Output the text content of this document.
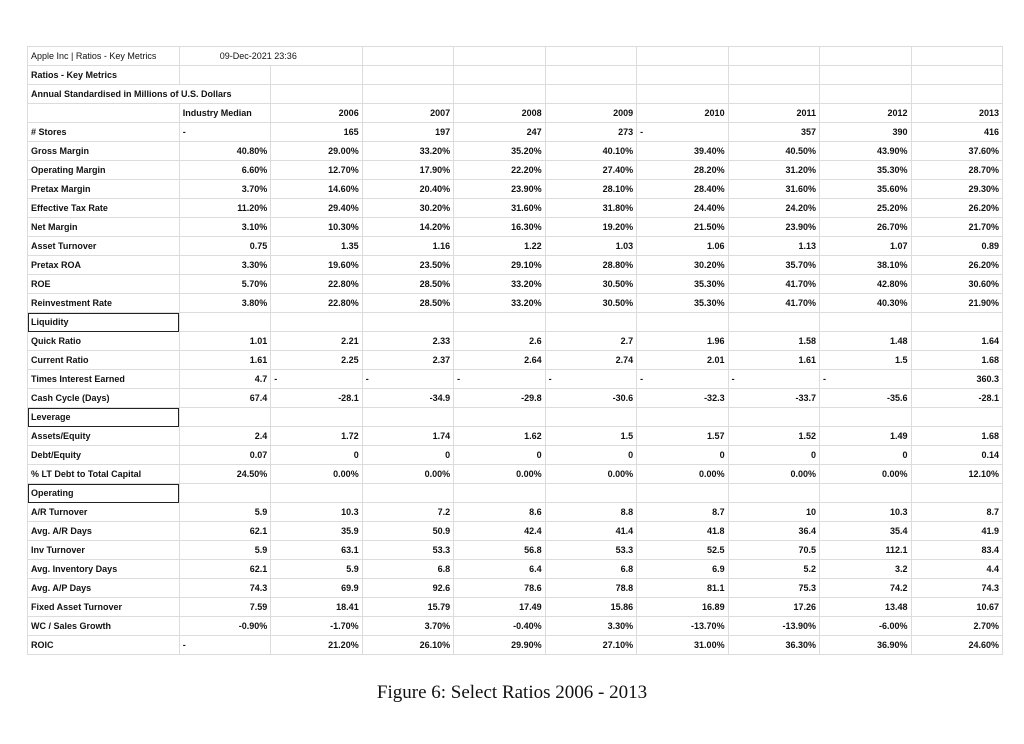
Apple Inc | Ratios - Key Metrics	09-Dec-2021 23:36								
Ratios - Key Metrics									
Annual Standardised in Millions of U.S. Dollars									
	Industry Median	2006	2007	2008	2009	2010	2011	2012	2013
# Stores	-	165	197	247	273	-	357	390	416
Gross Margin	40.80%	29.00%	33.20%	35.20%	40.10%	39.40%	40.50%	43.90%	37.60%
Operating Margin	6.60%	12.70%	17.90%	22.20%	27.40%	28.20%	31.20%	35.30%	28.70%
Pretax Margin	3.70%	14.60%	20.40%	23.90%	28.10%	28.40%	31.60%	35.60%	29.30%
Effective Tax Rate	11.20%	29.40%	30.20%	31.60%	31.80%	24.40%	24.20%	25.20%	26.20%
Net Margin	3.10%	10.30%	14.20%	16.30%	19.20%	21.50%	23.90%	26.70%	21.70%
Asset Turnover	0.75	1.35	1.16	1.22	1.03	1.06	1.13	1.07	0.89
Pretax ROA	3.30%	19.60%	23.50%	29.10%	28.80%	30.20%	35.70%	38.10%	26.20%
ROE	5.70%	22.80%	28.50%	33.20%	30.50%	35.30%	41.70%	42.80%	30.60%
Reinvestment Rate	3.80%	22.80%	28.50%	33.20%	30.50%	35.30%	41.70%	40.30%	21.90%
Liquidity									
Quick Ratio	1.01	2.21	2.33	2.6	2.7	1.96	1.58	1.48	1.64
Current Ratio	1.61	2.25	2.37	2.64	2.74	2.01	1.61	1.5	1.68
Times Interest Earned	4.7	-	-	-	-	-	-	-	360.3
Cash Cycle (Days)	67.4	-28.1	-34.9	-29.8	-30.6	-32.3	-33.7	-35.6	-28.1
Leverage									
Assets/Equity	2.4	1.72	1.74	1.62	1.5	1.57	1.52	1.49	1.68
Debt/Equity	0.07	0	0	0	0	0	0	0	0.14
% LT Debt to Total Capital	24.50%	0.00%	0.00%	0.00%	0.00%	0.00%	0.00%	0.00%	12.10%
Operating									
A/R Turnover	5.9	10.3	7.2	8.6	8.8	8.7	10	10.3	8.7
Avg. A/R Days	62.1	35.9	50.9	42.4	41.4	41.8	36.4	35.4	41.9
Inv Turnover	5.9	63.1	53.3	56.8	53.3	52.5	70.5	112.1	83.4
Avg. Inventory Days	62.1	5.9	6.8	6.4	6.8	6.9	5.2	3.2	4.4
Avg. A/P Days	74.3	69.9	92.6	78.6	78.8	81.1	75.3	74.2	74.3
Fixed Asset Turnover	7.59	18.41	15.79	17.49	15.86	16.89	17.26	13.48	10.67
WC / Sales Growth	-0.90%	-1.70%	3.70%	-0.40%	3.30%	-13.70%	-13.90%	-6.00%	2.70%
ROIC	-	21.20%	26.10%	29.90%	27.10%	31.00%	36.30%	36.90%	24.60%
Figure 6: Select Ratios 2006 - 2013
